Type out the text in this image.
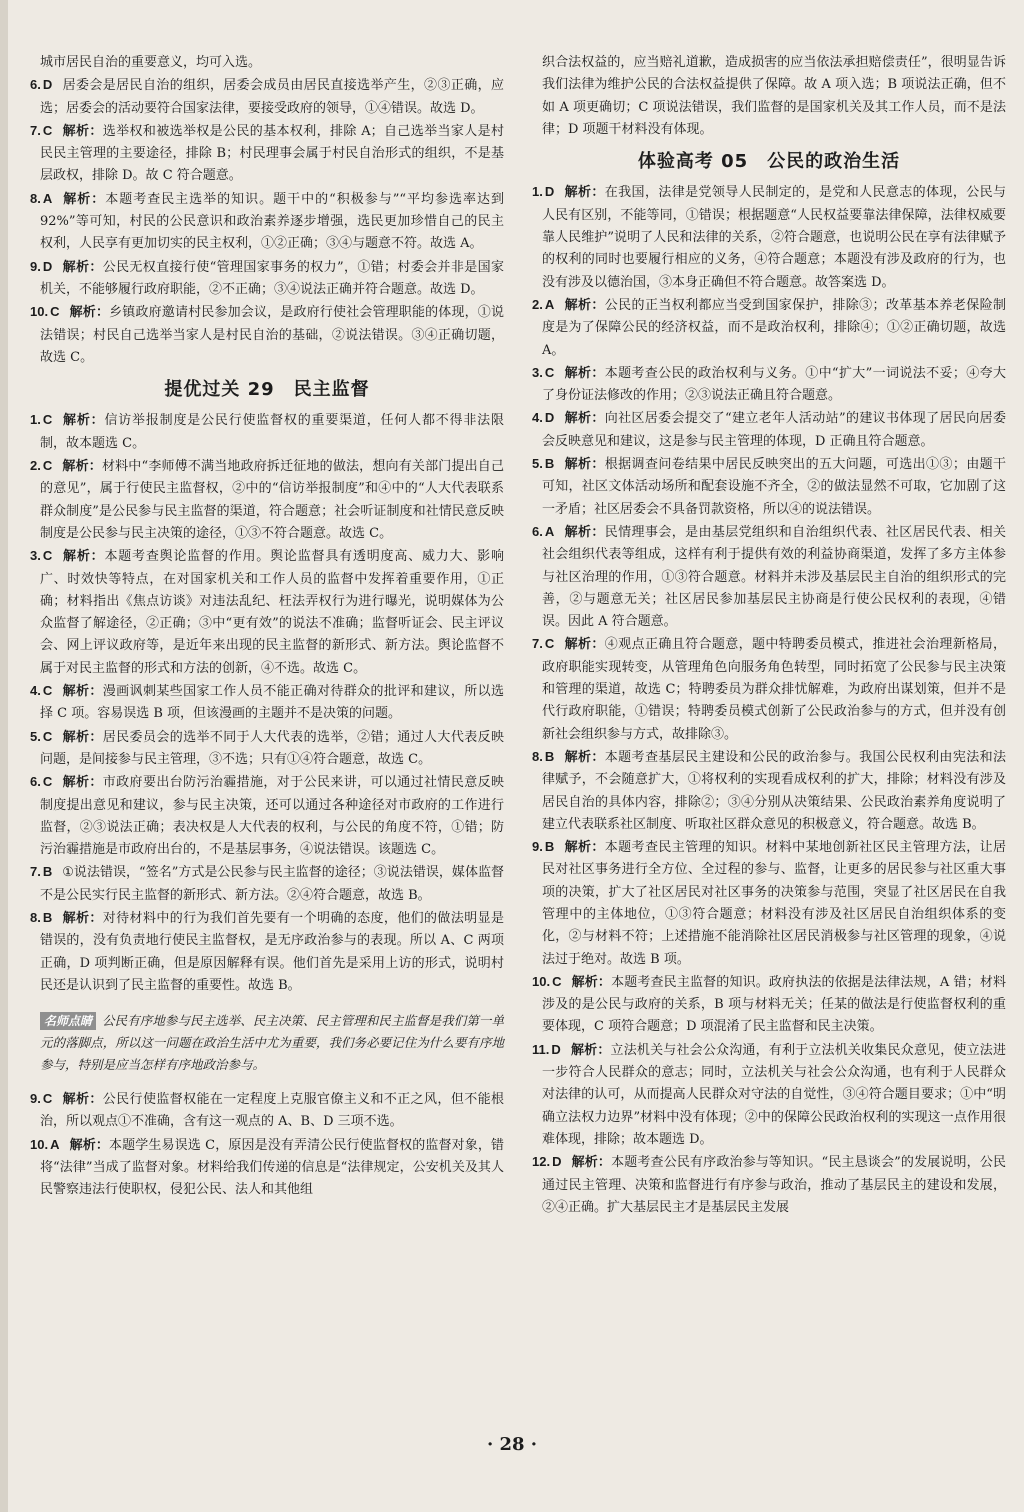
城市居民自治的重要意义，均可入选。

6. D 居委会是居民自治的组织，居委会成员由居民直接选举产生，②③正确，应选；居委会的活动要符合国家法律，要接受政府的领导，①④错误。故选 D。

7. C 解析：选举权和被选举权是公民的基本权利，排除 A；自己选举当家人是村民民主管理的主要途径，排除 B；村民理事会属于村民自治形式的组织，不是基层政权，排除 D。故 C 符合题意。

8. A 解析：本题考查民主选举的知识。题干中的“积极参与”“平均参选率达到 92%”等可知，村民的公民意识和政治素养逐步增强，选民更加珍惜自己的民主权利，人民享有更加切实的民主权利，①②正确；③④与题意不符。故选 A。

9. D 解析：公民无权直接行使“管理国家事务的权力”，①错；村委会并非是国家机关，不能够履行政府职能，②不正确；③④说法正确并符合题意。故选 D。

10. C 解析：乡镇政府邀请村民参加会议，是政府行使社会管理职能的体现，①说法错误；村民自己选举当家人是村民自治的基础，②说法错误。③④正确切题，故选 C。

提优过关 29　民主监督

1. C 解析：信访举报制度是公民行使监督权的重要渠道，任何人都不得非法限制，故本题选 C。

2. C 解析：材料中“李师傅不满当地政府拆迁征地的做法，想向有关部门提出自己的意见”，属于行使民主监督权，②中的“信访举报制度”和④中的“人大代表联系群众制度”是公民参与民主监督的渠道，符合题意；社会听证制度和社情民意反映制度是公民参与民主决策的途径，①③不符合题意。故选 C。

3. C 解析：本题考查舆论监督的作用。舆论监督具有透明度高、威力大、影响广、时效快等特点，在对国家机关和工作人员的监督中发挥着重要作用，①正确；材料指出《焦点访谈》对违法乱纪、枉法弄权行为进行曝光，说明媒体为公众监督了解途径，②正确；③中“更有效”的说法不准确；监督听证会、民主评议会、网上评议政府等，是近年来出现的民主监督的新形式、新方法。舆论监督不属于对民主监督的形式和方法的创新，④不选。故选 C。

4. C 解析：漫画讽刺某些国家工作人员不能正确对待群众的批评和建议，所以选择 C 项。容易误选 B 项，但该漫画的主题并不是决策的问题。

5. C 解析：居民委员会的选举不同于人大代表的选举，②错；通过人大代表反映问题，是间接参与民主管理，③不选；只有①④符合题意，故选 C。

6. C 解析：市政府要出台防污治霾措施，对于公民来讲，可以通过社情民意反映制度提出意见和建议，参与民主决策，还可以通过各种途径对市政府的工作进行监督，②③说法正确；表决权是人大代表的权利，与公民的角度不符，①错；防污治霾措施是市政府出台的，不是基层事务，④说法错误。该题选 C。

7. B ①说法错误，“签名”方式是公民参与民主监督的途径；③说法错误，媒体监督不是公民实行民主监督的新形式、新方法。②④符合题意，故选 B。

8. B 解析：对待材料中的行为我们首先要有一个明确的态度，他们的做法明显是错误的，没有负责地行使民主监督权，是无序政治参与的表现。所以 A、C 两项正确，D 项判断正确，但是原因解释有误。他们首先是采用上访的形式，说明村民还是认识到了民主监督的重要性。故选 B。

名师点睛 公民有序地参与民主选举、民主决策、民主管理和民主监督是我们第一单元的落脚点，所以这一问题在政治生活中尤为重要，我们务必要记住为什么要有序地参与，特别是应当怎样有序地政治参与。

9. C 解析：公民行使监督权能在一定程度上克服官僚主义和不正之风，但不能根治，所以观点①不准确，含有这一观点的 A、B、D 三项不选。

10. A 解析：本题学生易误选 C，原因是没有弄清公民行使监督权的监督对象，错将“法律”当成了监督对象。材料给我们传递的信息是“法律规定，公安机关及其人民警察违法行使职权，侵犯公民、法人和其他组

织合法权益的，应当赔礼道歉，造成损害的应当依法承担赔偿责任”，很明显告诉我们法律为维护公民的合法权益提供了保障。故 A 项入选；B 项说法正确，但不如 A 项更确切；C 项说法错误，我们监督的是国家机关及其工作人员，而不是法律；D 项题干材料没有体现。

体验高考 05　公民的政治生活

1. D 解析：在我国，法律是党领导人民制定的，是党和人民意志的体现，公民与人民有区别，不能等同，①错误；根据题意“人民权益要靠法律保障，法律权威要靠人民维护”说明了人民和法律的关系，②符合题意，也说明公民在享有法律赋予的权利的同时也要履行相应的义务，④符合题意；本题没有涉及政府的行为，也没有涉及以德治国，③本身正确但不符合题意。故答案选 D。

2. A 解析：公民的正当权利都应当受到国家保护，排除③；改革基本养老保险制度是为了保障公民的经济权益，而不是政治权利，排除④；①②正确切题，故选 A。

3. C 解析：本题考查公民的政治权利与义务。①中“扩大”一词说法不妥；④夸大了身份证法修改的作用；②③说法正确且符合题意。

4. D 解析：向社区居委会提交了“建立老年人活动站”的建议书体现了居民向居委会反映意见和建议，这是参与民主管理的体现，D 正确且符合题意。

5. B 解析：根据调查问卷结果中居民反映突出的五大问题，可选出①③；由题干可知，社区文体活动场所和配套设施不齐全，②的做法显然不可取，它加剧了这一矛盾；社区居委会不具备罚款资格，所以④的说法错误。

6. A 解析：民情理事会，是由基层党组织和自治组织代表、社区居民代表、相关社会组织代表等组成，这样有利于提供有效的利益协商渠道，发挥了多方主体参与社区治理的作用，①③符合题意。材料并未涉及基层民主自治的组织形式的完善，②与题意无关；社区居民参加基层民主协商是行使公民权利的表现，④错误。因此 A 符合题意。

7. C 解析：④观点正确且符合题意，题中特聘委员模式，推进社会治理新格局，政府职能实现转变，从管理角色向服务角色转型，同时拓宽了公民参与民主决策和管理的渠道，故选 C；特聘委员为群众排忧解难，为政府出谋划策，但并不是代行政府职能，①错误；特聘委员模式创新了公民政治参与的方式，但并没有创新社会组织参与方式，故排除③。

8. B 解析：本题考查基层民主建设和公民的政治参与。我国公民权利由宪法和法律赋予，不会随意扩大，①将权利的实现看成权利的扩大，排除；材料没有涉及居民自治的具体内容，排除②；③④分别从决策结果、公民政治素养角度说明了建立代表联系社区制度、听取社区群众意见的积极意义，符合题意。故选 B。

9. B 解析：本题考查民主管理的知识。材料中某地创新社区民主管理方法，让居民对社区事务进行全方位、全过程的参与、监督，让更多的居民参与社区重大事项的决策，扩大了社区居民对社区事务的决策参与范围，突显了社区居民在自我管理中的主体地位，①③符合题意；材料没有涉及社区居民自治组织体系的变化，②与材料不符；上述措施不能消除社区居民消极参与社区管理的现象，④说法过于绝对。故选 B 项。

10. C 解析：本题考查民主监督的知识。政府执法的依据是法律法规，A 错；材料涉及的是公民与政府的关系，B 项与材料无关；任某的做法是行使监督权利的重要体现，C 项符合题意；D 项混淆了民主监督和民主决策。

11. D 解析：立法机关与社会公众沟通，有利于立法机关收集民众意见，使立法进一步符合人民群众的意志；同时，立法机关与社会公众沟通，也有利于人民群众对法律的认可，从而提高人民群众对守法的自觉性，③④符合题目要求；①中“明确立法权力边界”材料中没有体现；②中的保障公民政治权利的实现这一点作用很难体现，排除；故本题选 D。

12. D 解析：本题考查公民有序政治参与等知识。“民主恳谈会”的发展说明，公民通过民主管理、决策和监督进行有序参与政治，推动了基层民主的建设和发展，②④正确。扩大基层民主才是基层民主发展

· 28 ·
